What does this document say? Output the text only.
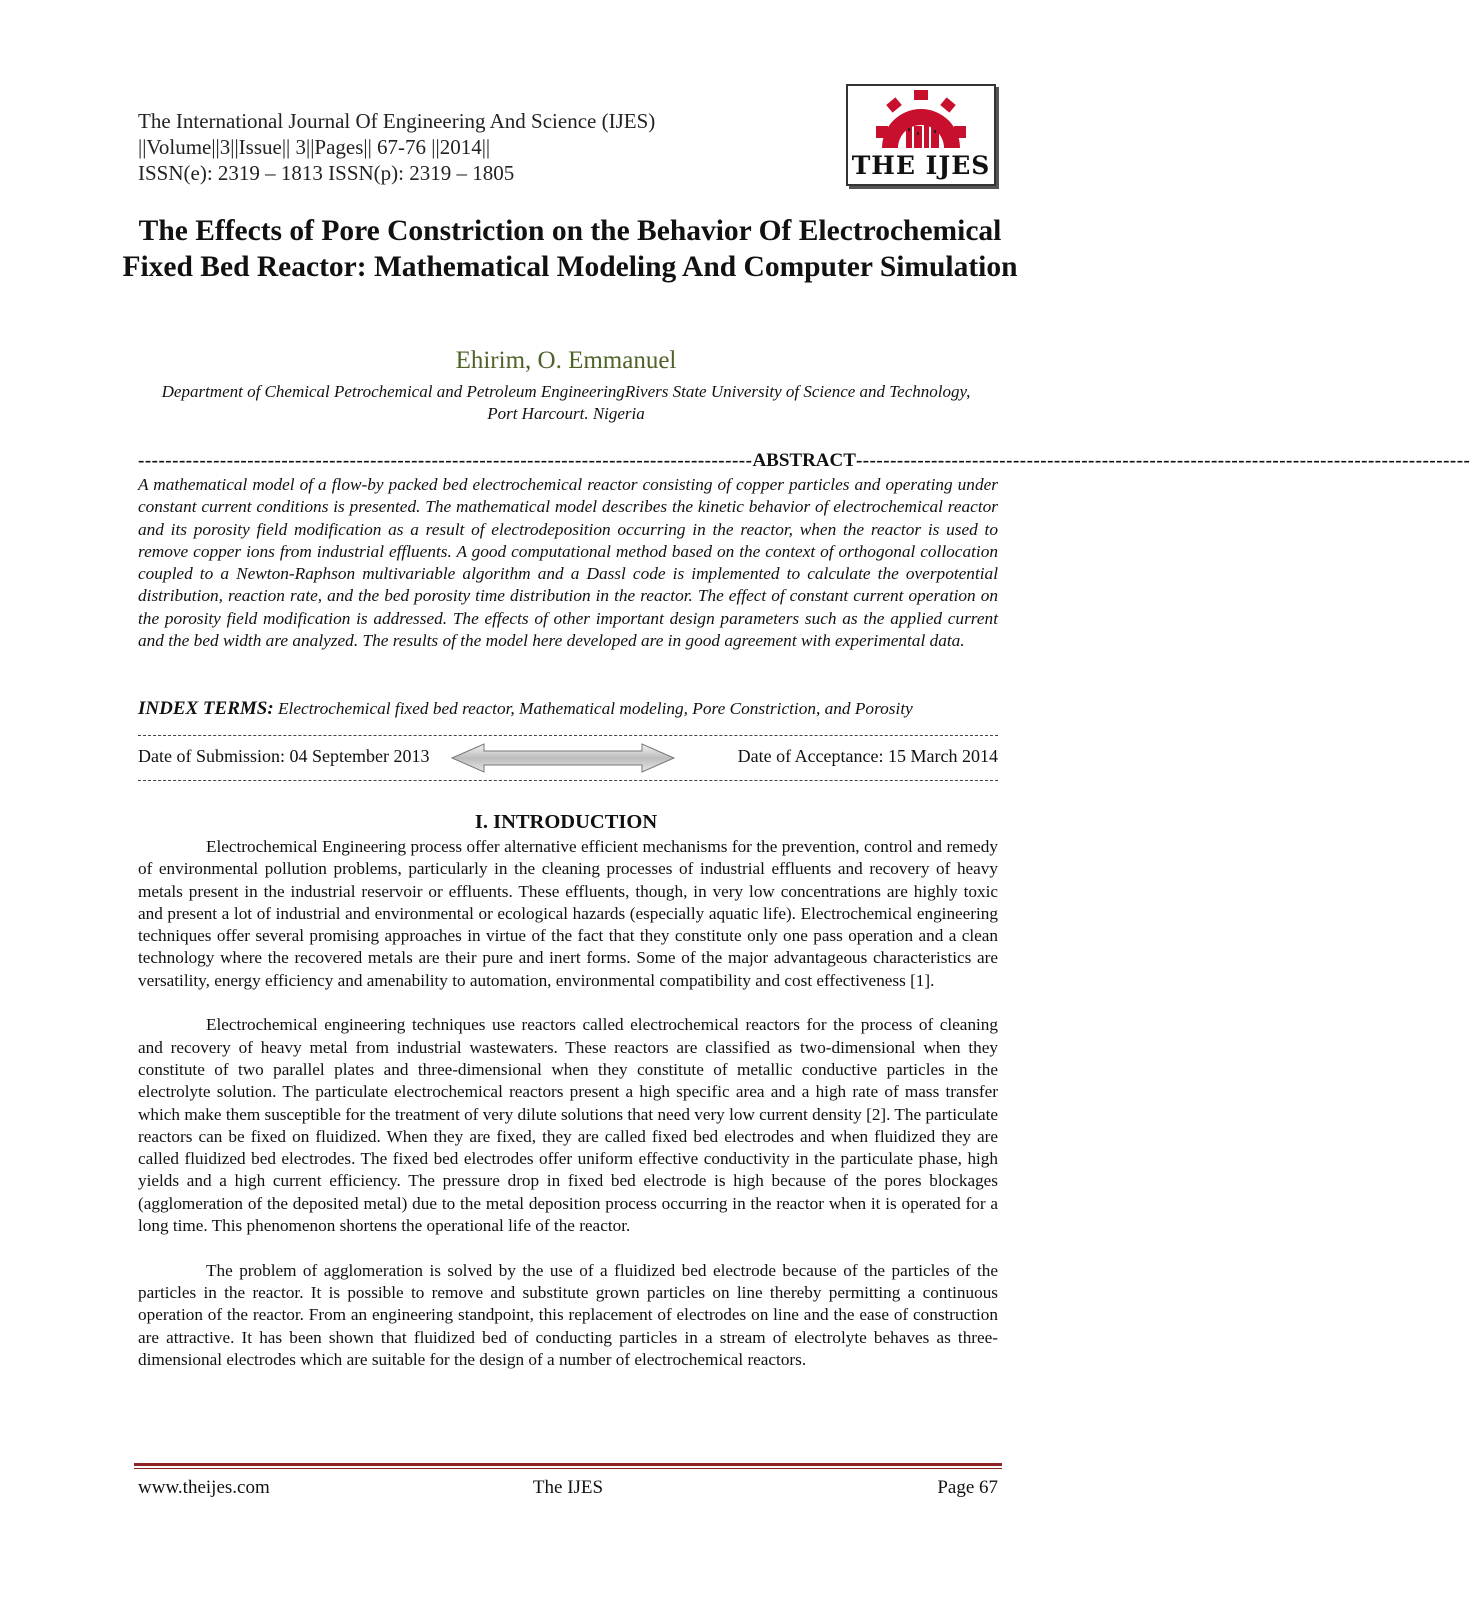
The International Journal Of Engineering And Science (IJES)
||Volume||3||Issue|| 3||Pages|| 67-76 ||2014||
ISSN(e): 2319 – 1813 ISSN(p): 2319 – 1805	THE IJES
The Effects of Pore Constriction on the Behavior Of Electrochemical Fixed Bed Reactor: Mathematical Modeling And Computer Simulation
Ehirim, O. Emmanuel
Department of Chemical Petrochemical and Petroleum EngineeringRivers State University of Science and Technology, Port Harcourt. Nigeria
------------------------------------------------------------------------------------------ ABSTRACT ------------------------------------------------------------------------------------------
A mathematical model of a flow-by packed bed electrochemical reactor consisting of copper particles and operating under constant current conditions is presented. The mathematical model describes the kinetic behavior of electrochemical reactor and its porosity field modification as a result of electrodeposition occurring in the reactor, when the reactor is used to remove copper ions from industrial effluents. A good computational method based on the context of orthogonal collocation coupled to a Newton-Raphson multivariable algorithm and a Dassl code is implemented to calculate the overpotential distribution, reaction rate, and the bed porosity time distribution in the reactor. The effect of constant current operation on the porosity field modification is addressed. The effects of other important design parameters such as the applied current and the bed width are analyzed. The results of the model here developed are in good agreement with experimental data.
INDEX TERMS: Electrochemical fixed bed reactor, Mathematical modeling, Pore Constriction, and Porosity
Date of Submission: 04 September 2013	Date of Acceptance: 15 March 2014
I. INTRODUCTION

Electrochemical Engineering process offer alternative efficient mechanisms for the prevention, control and remedy of environmental pollution problems, particularly in the cleaning processes of industrial effluents and recovery of heavy metals present in the industrial reservoir or effluents. These effluents, though, in very low concentrations are highly toxic and present a lot of industrial and environmental or ecological hazards (especially aquatic life). Electrochemical engineering techniques offer several promising approaches in virtue of the fact that they constitute only one pass operation and a clean technology where the recovered metals are their pure and inert forms. Some of the major advantageous characteristics are versatility, energy efficiency and amenability to automation, environmental compatibility and cost effectiveness [1].

Electrochemical engineering techniques use reactors called electrochemical reactors for the process of cleaning and recovery of heavy metal from industrial wastewaters. These reactors are classified as two-dimensional when they constitute of two parallel plates and three-dimensional when they constitute of metallic conductive particles in the electrolyte solution. The particulate electrochemical reactors present a high specific area and a high rate of mass transfer which make them susceptible for the treatment of very dilute solutions that need very low current density [2]. The particulate reactors can be fixed on fluidized. When they are fixed, they are called fixed bed electrodes and when fluidized they are called fluidized bed electrodes. The fixed bed electrodes offer uniform effective conductivity in the particulate phase, high yields and a high current efficiency. The pressure drop in fixed bed electrode is high because of the pores blockages (agglomeration of the deposited metal) due to the metal deposition process occurring in the reactor when it is operated for a long time. This phenomenon shortens the operational life of the reactor.

The problem of agglomeration is solved by the use of a fluidized bed electrode because of the particles of the particles in the reactor. It is possible to remove and substitute grown particles on line thereby permitting a continuous operation of the reactor. From an engineering standpoint, this replacement of electrodes on line and the ease of construction are attractive. It has been shown that fluidized bed of conducting particles in a stream of electrolyte behaves as three-dimensional electrodes which are suitable for the design of a number of electrochemical reactors.

www.theijes.com	The IJES	Page 67
